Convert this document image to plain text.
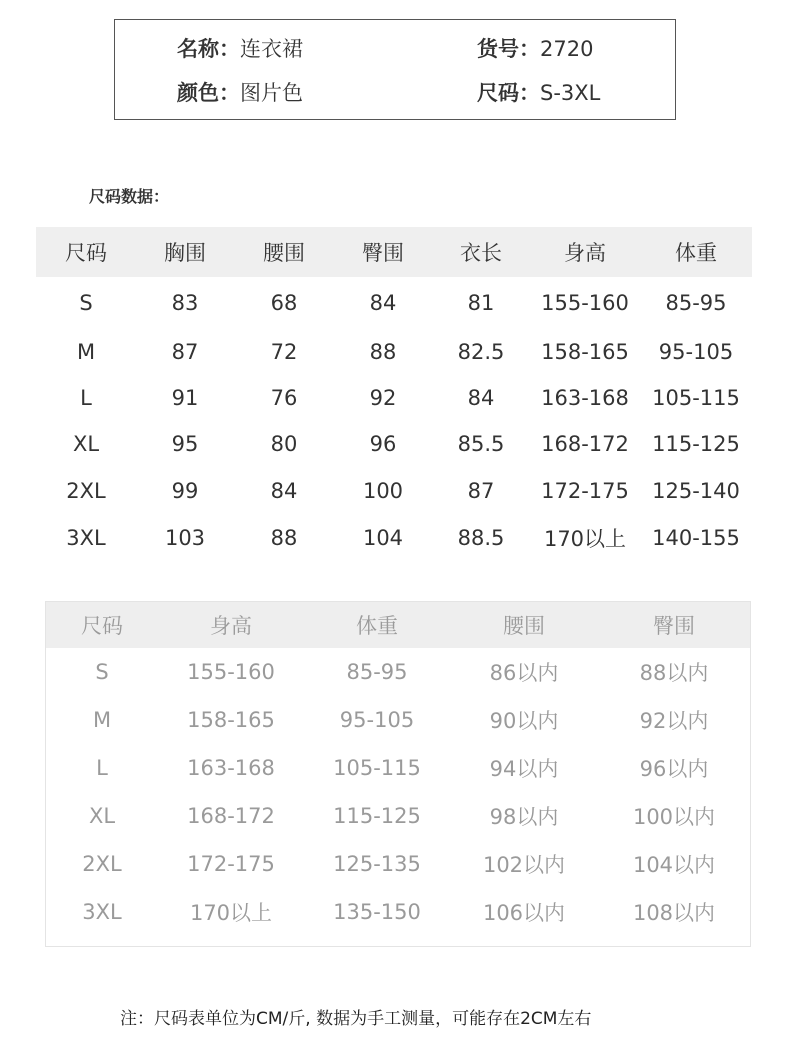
名称：连衣裙	货号：2720
颜色：图片色	尺码：S-3XL
尺码数据：
尺码	胸围	腰围	臀围	衣长	身高	体重
S	83	68	84	81	155-160	85-95
M	87	72	88	82.5	158-165	95-105
L	91	76	92	84	163-168	105-115
XL	95	80	96	85.5	168-172	115-125
2XL	99	84	100	87	172-175	125-140
3XL	103	88	104	88.5	170以上	140-155
尺码	身高	体重	腰围	臀围
S	155-160	85-95	86以内	88以内
M	158-165	95-105	90以内	92以内
L	163-168	105-115	94以内	96以内
XL	168-172	115-125	98以内	100以内
2XL	172-175	125-135	102以内	104以内
3XL	170以上	135-150	106以内	108以内
注：尺码表单位为CM/斤, 数据为手工测量，可能存在2CM左右
